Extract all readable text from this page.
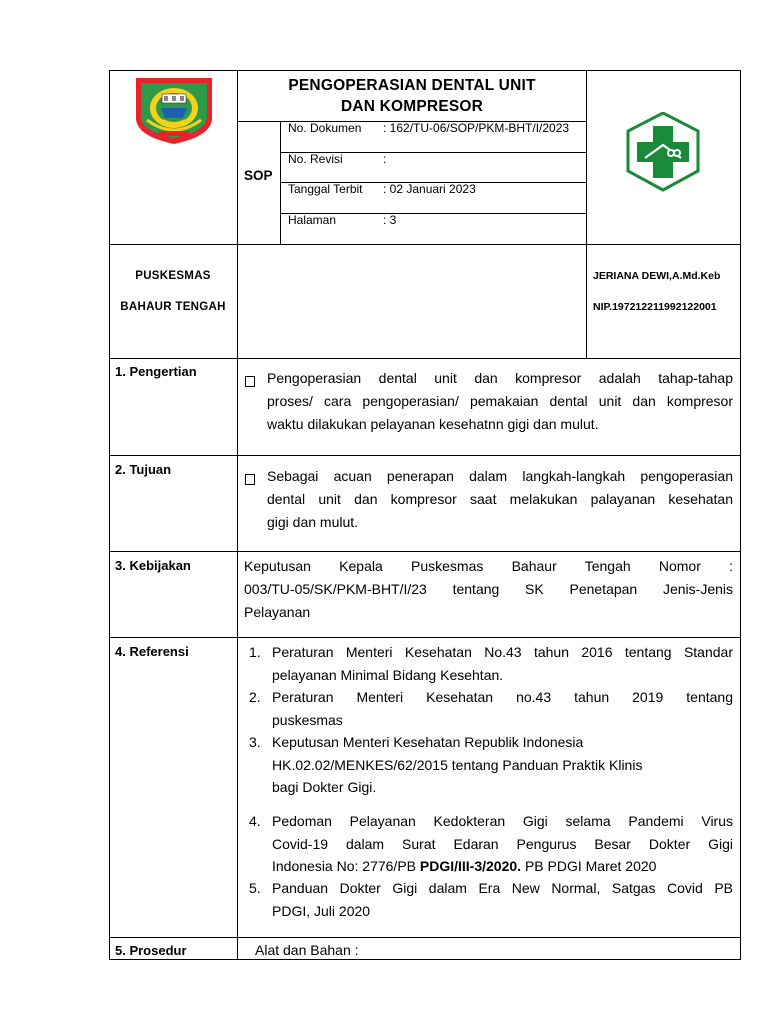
PENGOPERASIAN DENTAL UNIT
DAN KOMPRESOR
SOP
No. Dokumen : 162/TU-06/SOP/PKM-BHT/I/2023
No. Revisi	:
Tanggal Terbit : 02 Januari 2023
Halaman	: 3
PUSKESMAS
BAHAUR TENGAH
JERIANA DEWI,A.Md.Keb
NIP.197212211992122001
1. Pengertian	Pengoperasian dental unit dan kompresor adalah tahap-tahap
proses/ cara pengoperasian/ pemakaian dental unit dan kompresor
waktu dilakukan pelayanan kesehatnn gigi dan mulut.
2. Tujuan	Sebagai acuan penerapan dalam langkah-langkah pengoperasian
dental unit dan kompresor saat melakukan palayanan kesehatan
gigi dan mulut.
3. Kebijakan	Keputusan Kepala Puskesmas Bahaur Tengah Nomor :
003/TU-05/SK/PKM-BHT/I/23 tentang SK Penetapan Jenis-Jenis
Pelayanan
4. Referensi	1. Peraturan Menteri Kesehatan No.43 tahun 2016 tentang Standar
pelayanan Minimal Bidang Kesehtan.
2. Peraturan Menteri Kesehatan no.43 tahun 2019 tentang
puskesmas
3. Keputusan Menteri Kesehatan Republik Indonesia
HK.02.02/MENKES/62/2015 tentang Panduan Praktik Klinis
bagi Dokter Gigi.
4. Pedoman Pelayanan Kedokteran Gigi selama Pandemi Virus
Covid-19 dalam Surat Edaran Pengurus Besar Dokter Gigi
Indonesia No: 2776/PB PDGI/III-3/2020. PB PDGI Maret 2020
5. Panduan Dokter Gigi dalam Era New Normal, Satgas Covid PB
PDGI, Juli 2020
5. Prosedur	Alat dan Bahan :
